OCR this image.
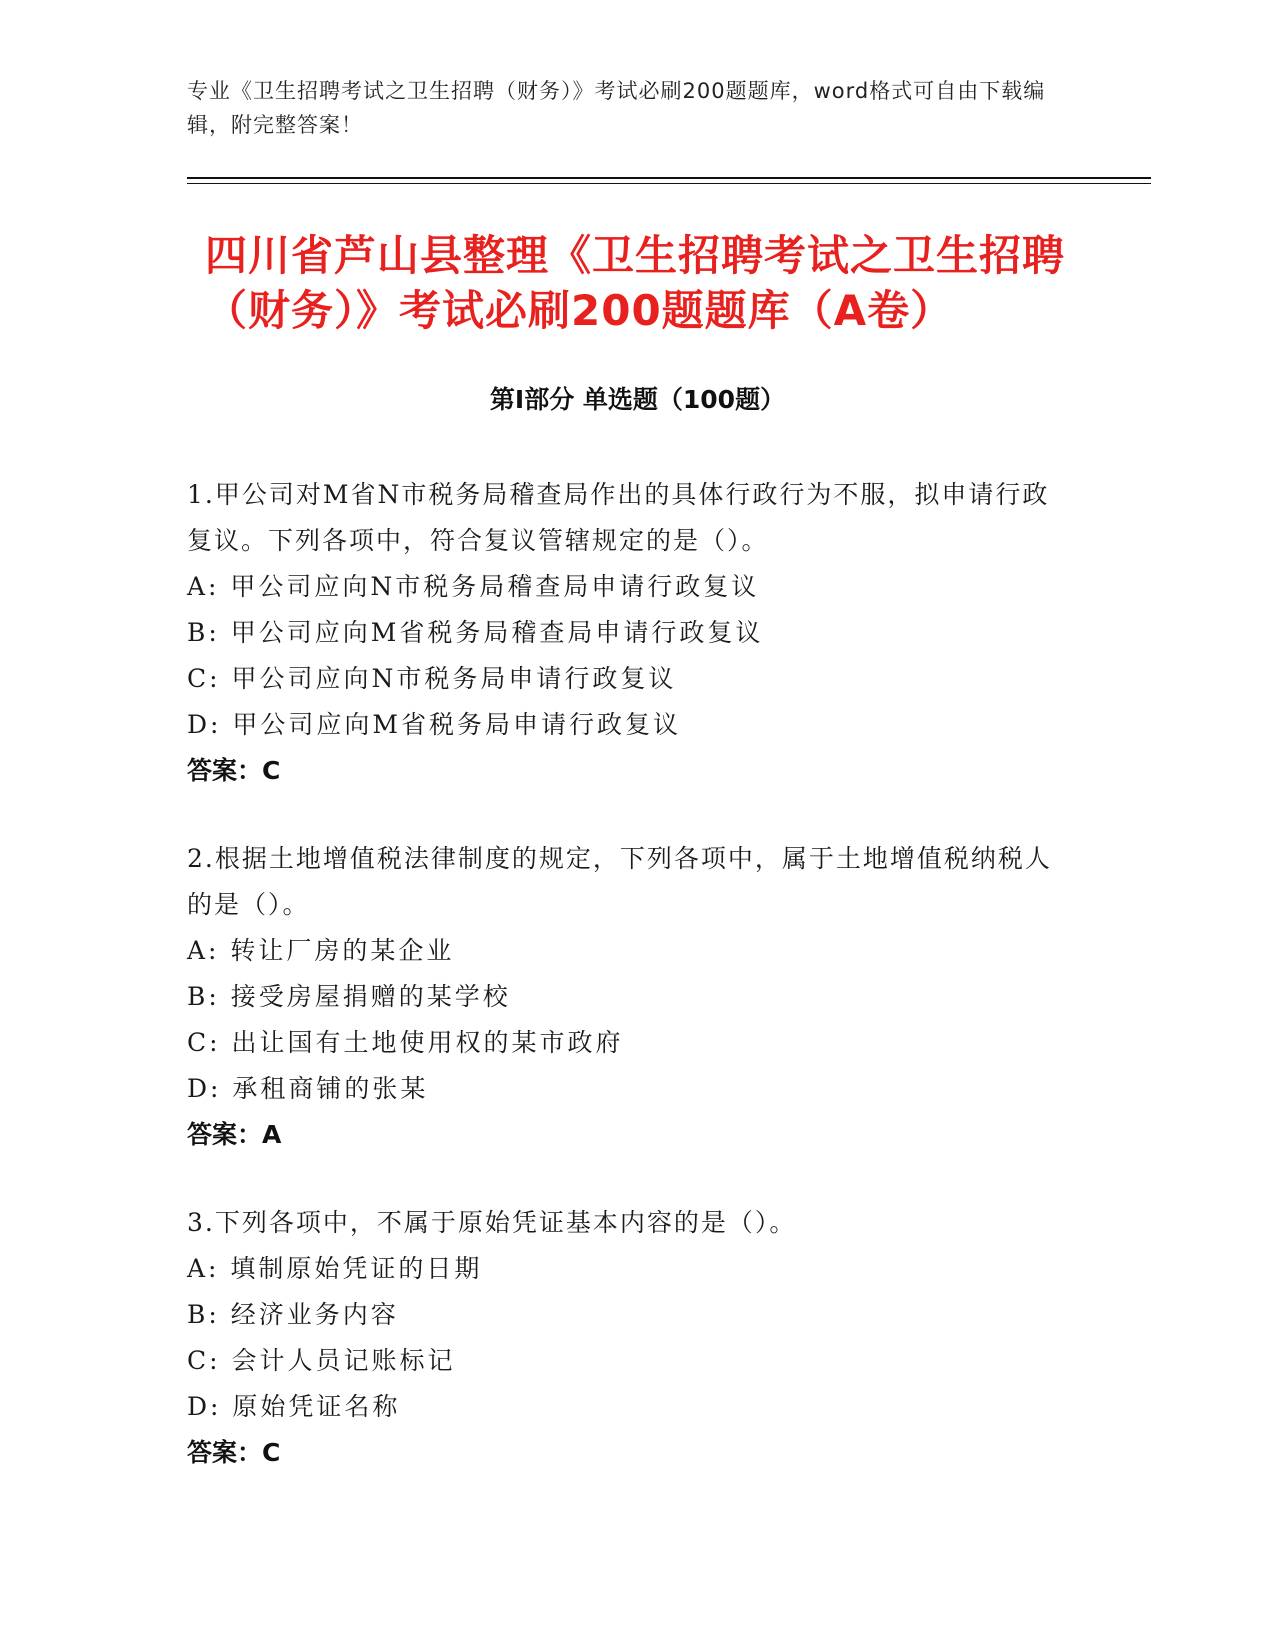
专业《卫生招聘考试之卫生招聘（财务）》考试必刷200题题库，word格式可自由下载编辑，附完整答案！
四川省芦山县整理《卫生招聘考试之卫生招聘（财务）》考试必刷200题题库（A卷）
第Ⅰ部分 单选题（100题）
1.甲公司对M省N市税务局稽查局作出的具体行政行为不服，拟申请行政复议。下列各项中，符合复议管辖规定的是（）。
A: 甲公司应向N市税务局稽查局申请行政复议
B: 甲公司应向M省税务局稽查局申请行政复议
C: 甲公司应向N市税务局申请行政复议
D: 甲公司应向M省税务局申请行政复议
答案：C
2.根据土地增值税法律制度的规定，下列各项中，属于土地增值税纳税人的是（）。
A: 转让厂房的某企业
B: 接受房屋捐赠的某学校
C: 出让国有土地使用权的某市政府
D: 承租商铺的张某
答案：A
3.下列各项中，不属于原始凭证基本内容的是（）。
A: 填制原始凭证的日期
B: 经济业务内容
C: 会计人员记账标记
D: 原始凭证名称
答案：C
